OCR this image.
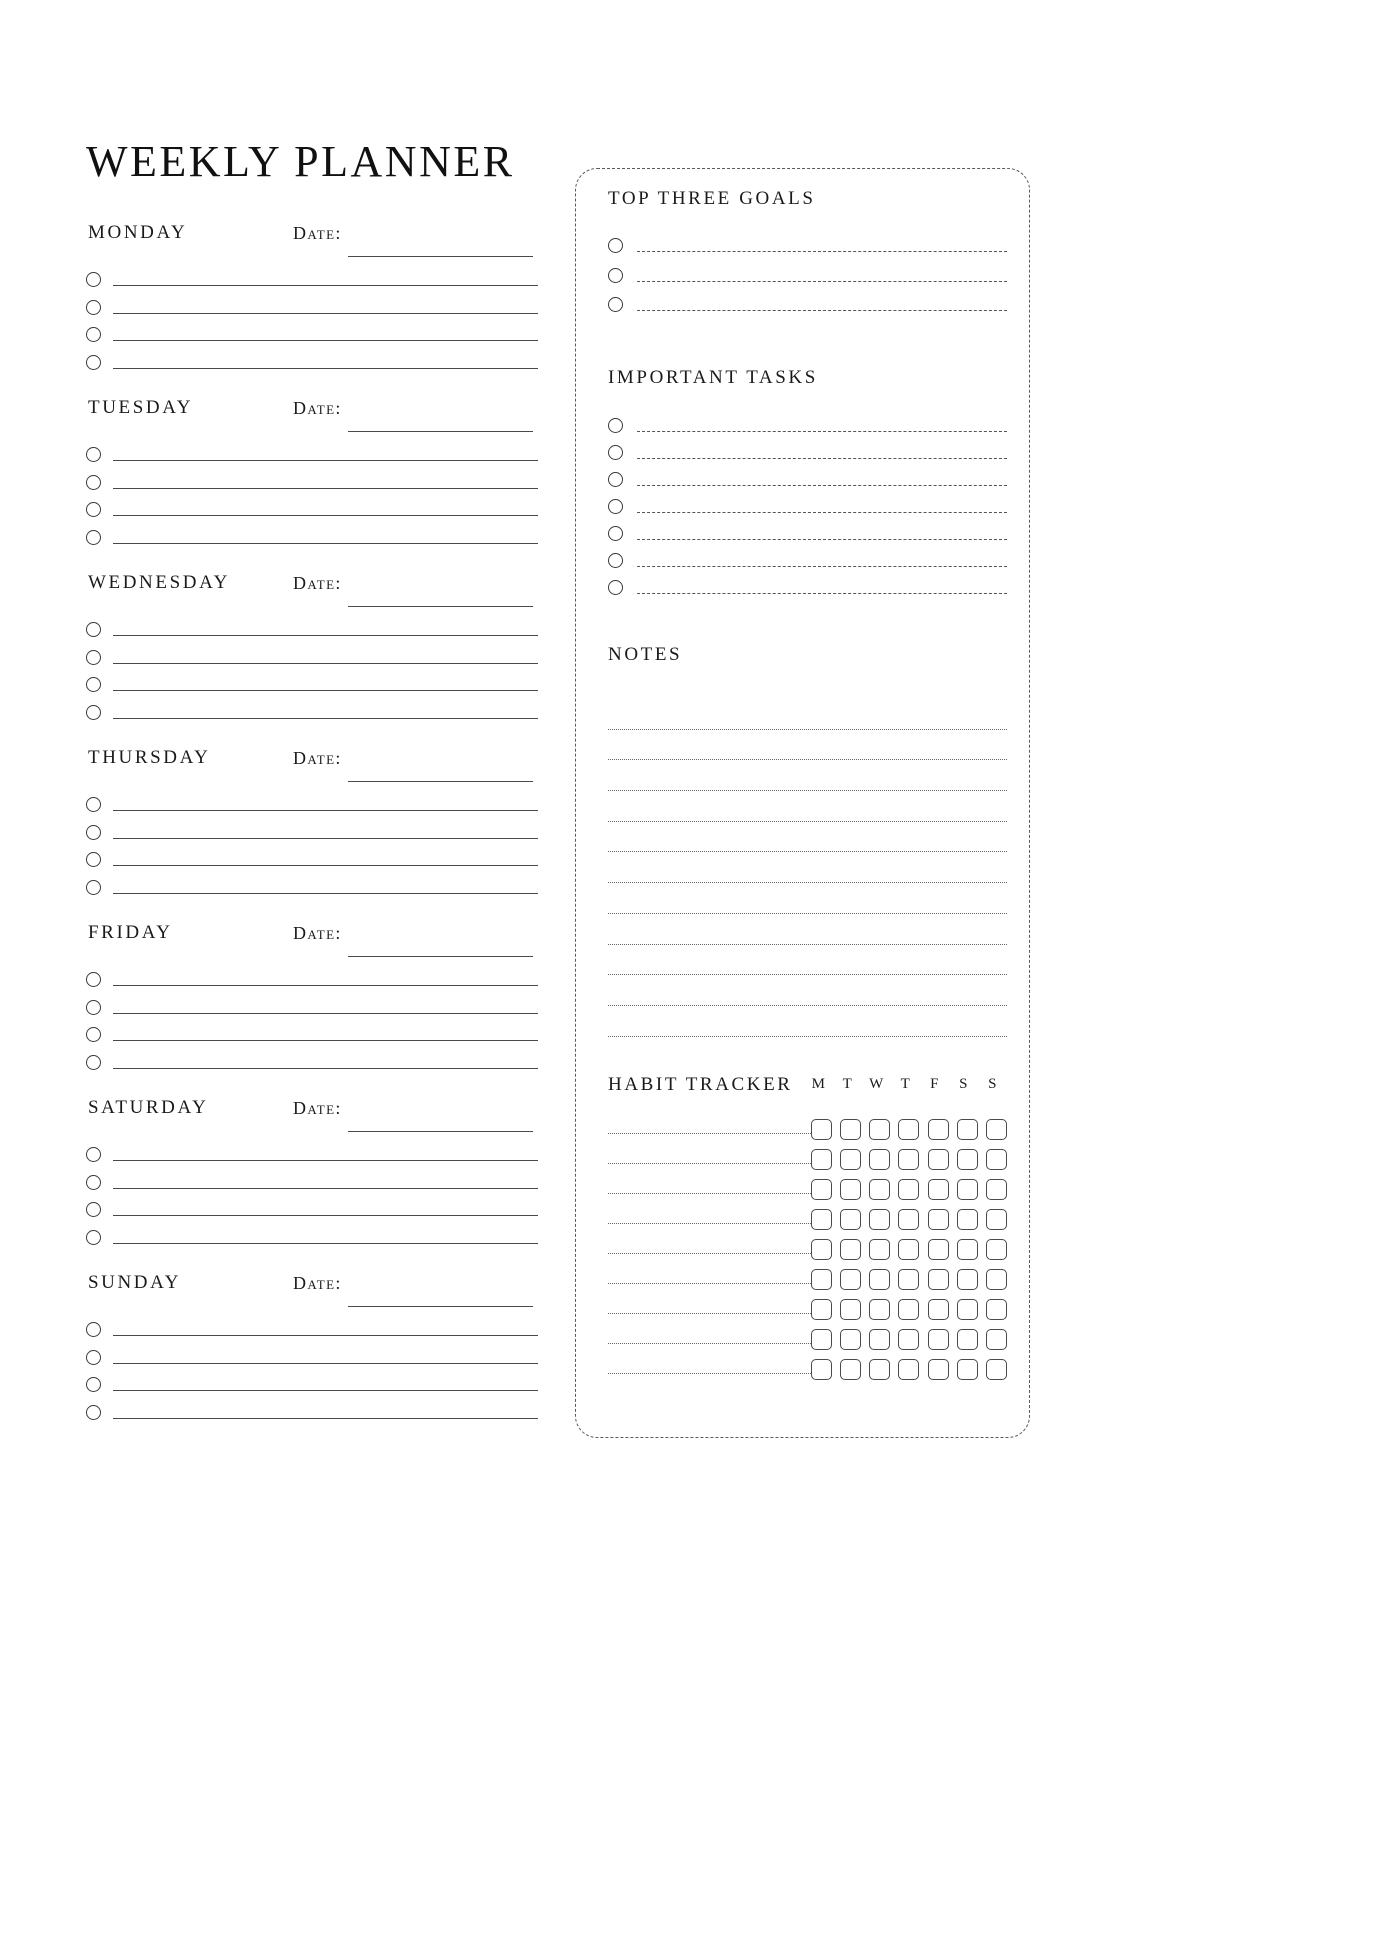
WEEKLY PLANNER
MONDAY	Date:
TUESDAY	Date:
WEDNESDAY	Date:
THURSDAY	Date:
FRIDAY	Date:
SATURDAY	Date:
SUNDAY	Date:
TOP THREE GOALS
IMPORTANT TASKS
NOTES
HABIT TRACKER	M	T	W	T	F	S	S
